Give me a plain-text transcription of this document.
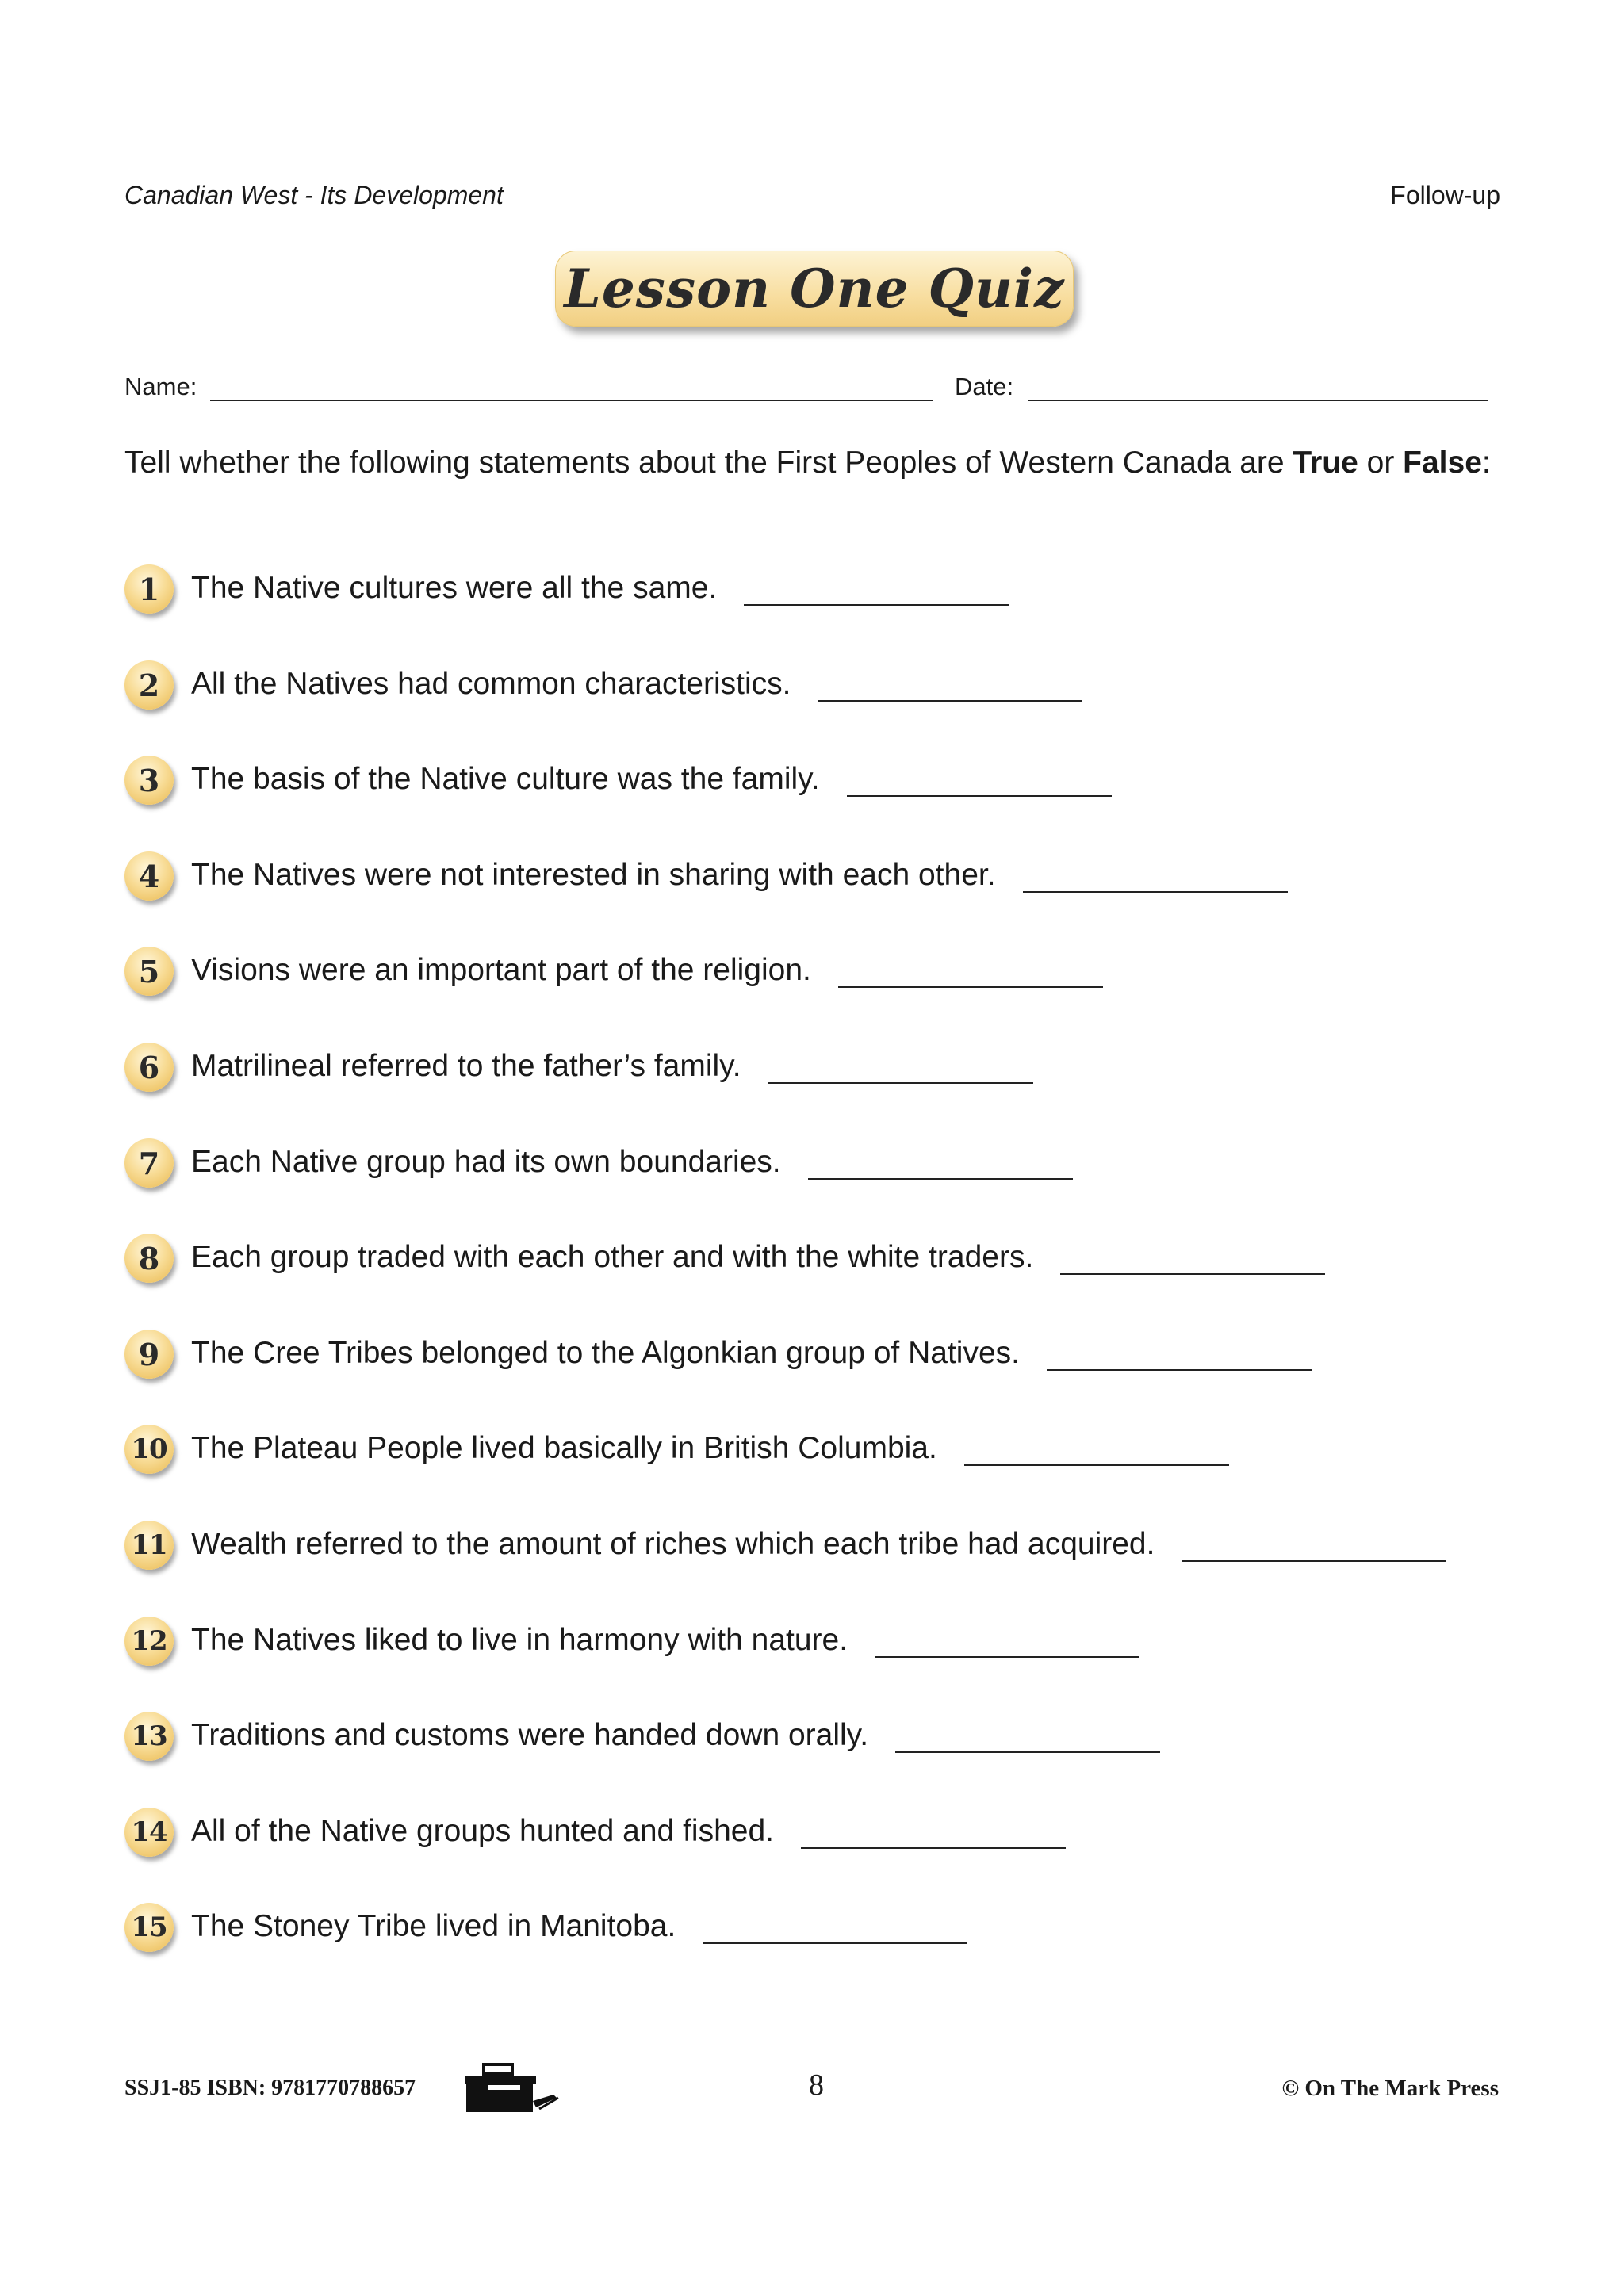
Canadian West - Its Development	Follow-up
Lesson One Quiz
Name:	Date:
Tell whether the following statements about the First Peoples of Western Canada are True or False:
1	The Native cultures were all the same.
2	All the Natives had common characteristics.
3	The basis of the Native culture was the family.
4	The Natives were not interested in sharing with each other.
5	Visions were an important part of the religion.
6	Matrilineal referred to the father’s family.
7	Each Native group had its own boundaries.
8	Each group traded with each other and with the white traders.
9	The Cree Tribes belonged to the Algonkian group of Natives.
10 The Plateau People lived basically in British Columbia.
11 Wealth referred to the amount of riches which each tribe had acquired.
12 The Natives liked to live in harmony with nature.
13 Traditions and customs were handed down orally.
14 All of the Native groups hunted and fished.
15 The Stoney Tribe lived in Manitoba.
SSJ1-85 ISBN: 9781770788657	8	© On The Mark Press
